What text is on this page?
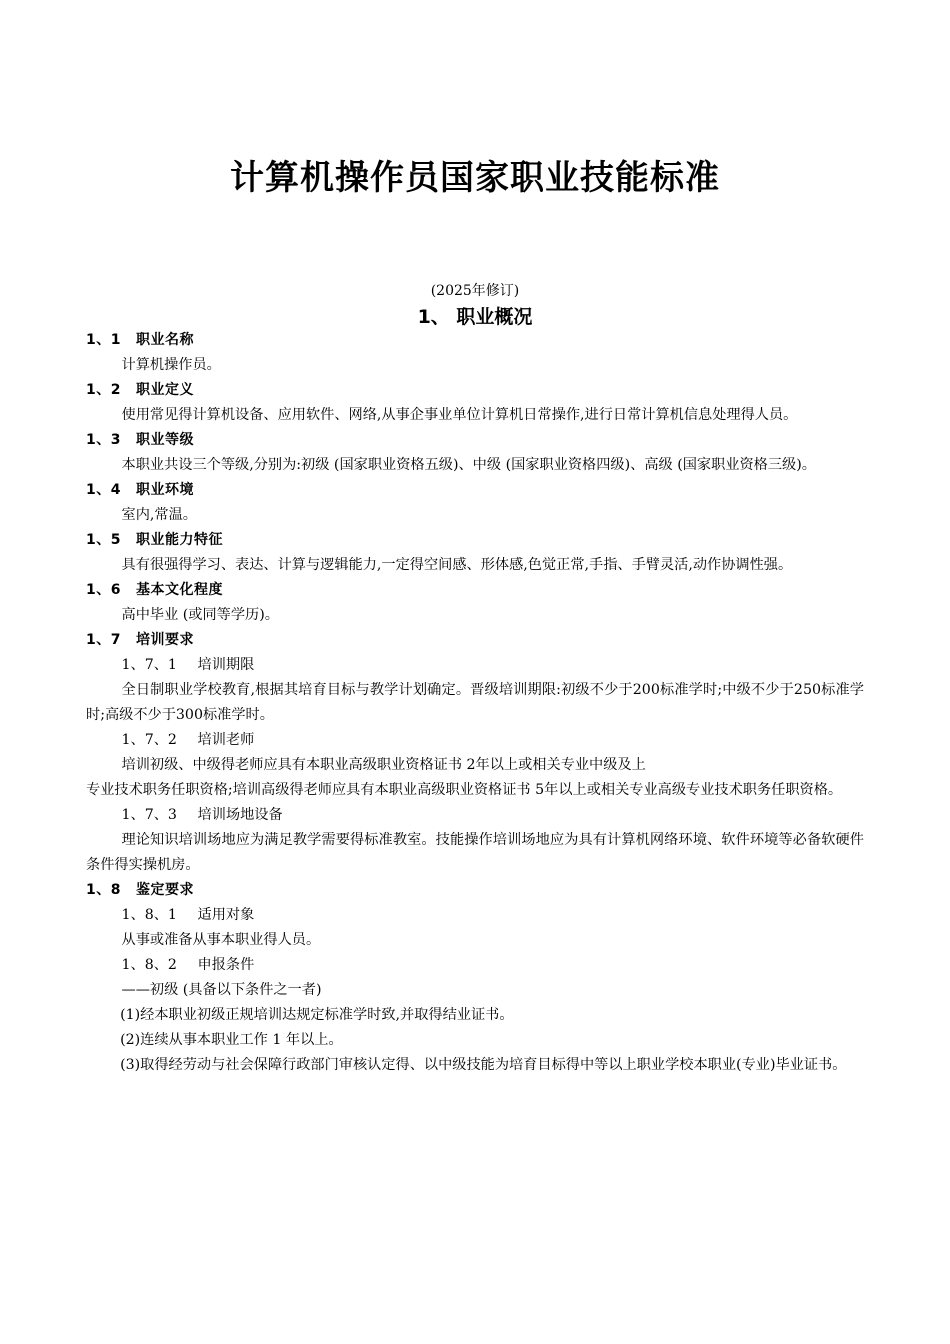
计算机操作员国家职业技能标准
(2025年修订)
1、 职业概况
1、1 职业名称

计算机操作员。

1、2 职业定义

使用常见得计算机设备、应用软件、网络,从事企事业单位计算机日常操作,进行日常计算机信息处理得人员。

1、3 职业等级

本职业共设三个等级,分别为:初级 (国家职业资格五级)、中级 (国家职业资格四级)、高级 (国家职业资格三级)。

1、4 职业环境

室内,常温。

1、5 职业能力特征

具有很强得学习、表达、计算与逻辑能力,一定得空间感、形体感,色觉正常,手指、手臂灵活,动作协调性强。

1、6 基本文化程度

高中毕业 (或同等学历)。

1、7 培训要求
1、7、1 培训期限

全日制职业学校教育,根据其培育目标与教学计划确定。晋级培训期限:初级不少于200标准学时;中级不少于250标准学时;高级不少于300标准学时。

1、7、2 培训老师

培训初级、中级得老师应具有本职业高级职业资格证书 2年以上或相关专业中级及上

专业技术职务任职资格;培训高级得老师应具有本职业高级职业资格证书 5年以上或相关专业高级专业技术职务任职资格。

1、7、3 培训场地设备

理论知识培训场地应为满足教学需要得标准教室。技能操作培训场地应为具有计算机网络环境、软件环境等必备软硬件条件得实操机房。

1、8 鉴定要求
1、8、1 适用对象

从事或准备从事本职业得人员。

1、8、2 申报条件

——初级 (具备以下条件之一者)

(1)经本职业初级正规培训达规定标准学时致,并取得结业证书。

(2)连续从事本职业工作 1 年以上。

(3)取得经劳动与社会保障行政部门审核认定得、以中级技能为培育目标得中等以上职业学校本职业(专业)毕业证书。
